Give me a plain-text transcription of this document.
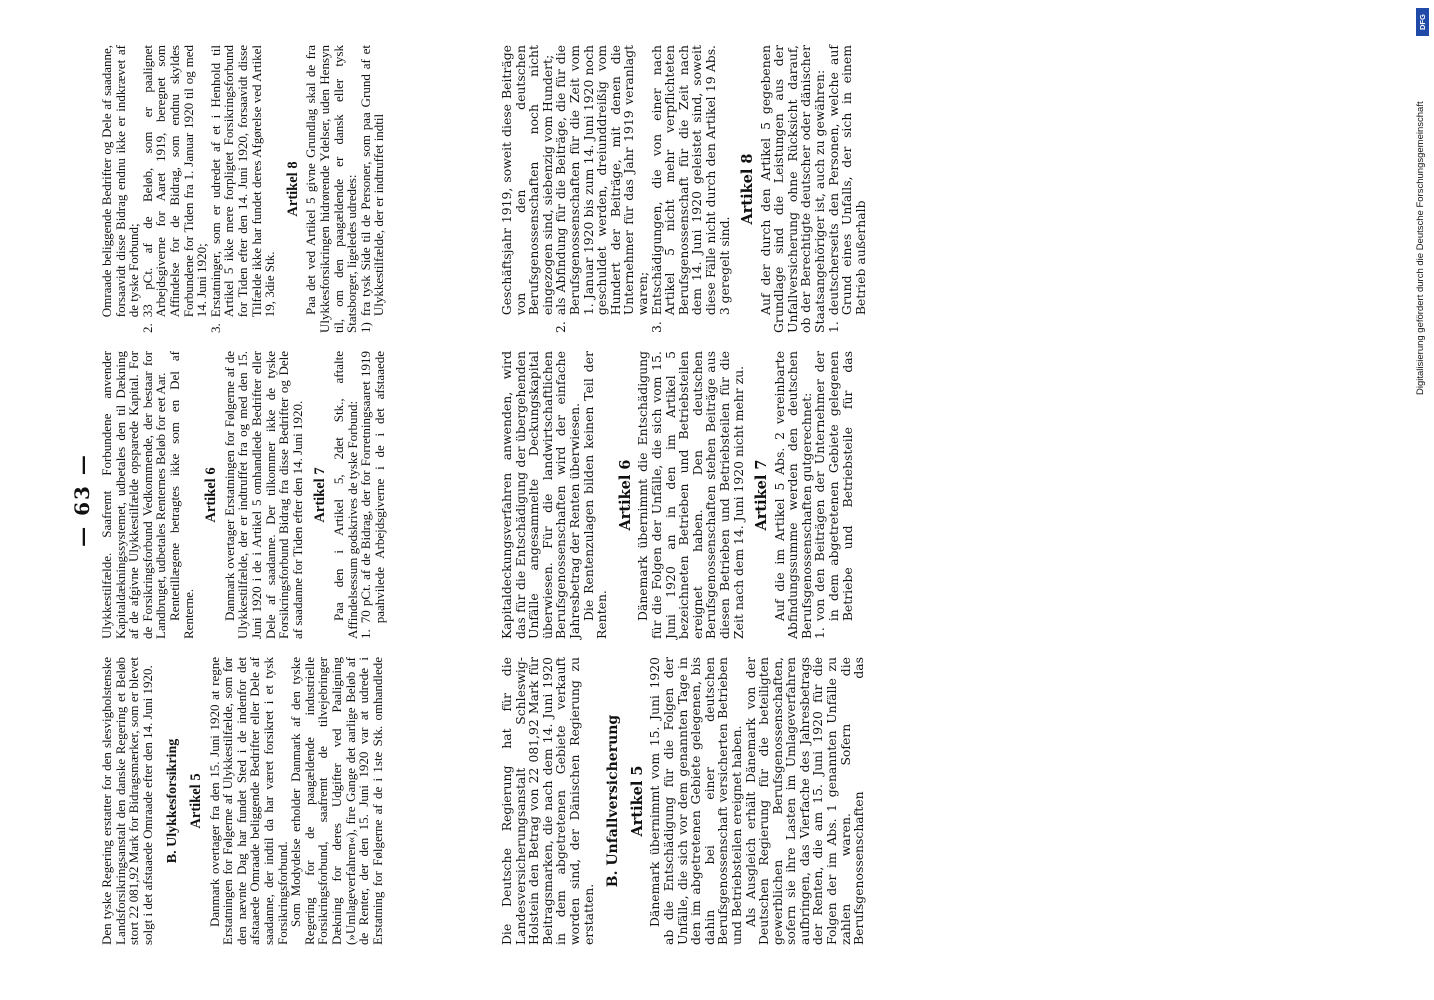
— 63 —

Die Deutsche Regierung hat für die Landesversicherungsanstalt Schleswig-Holstein den Betrag von 22 081,92 Mark für Beitragsmarken, die nach dem 14. Juni 1920 in dem abgetretenen Gebiete verkauft worden sind, der Dänischen Regierung zu erstatten.

B. Unfallversicherung Artikel 5 Dänemark übernimmt vom 15. Juni 1920 ab die Entschädigung für die Folgen der Unfälle, die sich vor dem genannten Tage in den im abgetretenen Gebiete gelegenen, bis dahin bei einer deutschen Berufsgenossenschaft versicherten Betrieben und Betriebsteilen ereignet haben.

Als Ausgleich erhält Dänemark von der Deutschen Regierung für die beteiligten gewerblichen Berufsgenossenschaften, sofern sie ihre Lasten im Umlageverfahren aufbringen, das Vierfache des Jahresbetrags der Renten, die am 15. Juni 1920 für die Folgen der im Abs. 1 genannten Unfälle zu zahlen waren. Sofern die Berufsgenossenschaften das Kapitaldeckungsverfahren anwenden, wird das für die Entschädigung der übergehenden Unfälle angesammelte Deckungskapital überwiesen. Für die landwirtschaftlichen Berufsgenossenschaften wird der einfache Jahresbetrag der Renten überwiesen.

Die Rentenzulagen bilden keinen Teil der Renten.

Artikel 6 Dänemark übernimmt die Entschädigung für die Folgen der Unfälle, die sich vom 15. Juni 1920 an in den im Artikel 5 bezeichneten Betrieben und Betriebsteilen ereignet haben. Den deutschen Berufsgenossenschaften stehen Beiträge aus diesen Betrieben und Betriebsteilen für die Zeit nach dem 14. Juni 1920 nicht mehr zu. Artikel 7 Auf die im Artikel 5 Abs. 2 vereinbarte Abfindungssumme werden den deutschen Berufsgenossenschaften gutgerechnet:

1.
von den Beiträgen der Unternehmer der in dem abgetretenen Gebiete gelegenen Betriebe und Betriebsteile für das Geschäftsjahr 1919, soweit diese Beiträge von den deutschen Berufsgenossenschaften noch nicht eingezogen sind, siebenzig vom Hundert;
2.
als Abfindung für die Beiträge, die für die Berufsgenossenschaften für die Zeit vom 1. Januar 1920 bis zum 14. Juni 1920 noch geschuldet werden, dreiunddreißig vom Hundert der Beiträge, mit denen die Unternehmer für das Jahr 1919 veranlagt waren;
3.
Entschädigungen, die von einer nach Artikel 5 nicht mehr verpflichteten Berufsgenossenschaft für die Zeit nach dem 14. Juni 1920 geleistet sind, soweit diese Fälle nicht durch den Artikel 19 Abs. 3 geregelt sind.
Artikel 8 Auf der durch den Artikel 5 gegebenen Grundlage sind die Leistungen aus der Unfallversicherung ohne Rücksicht darauf, ob der Berechtigte deutscher oder dänischer Staatsangehöriger ist, auch zu gewähren:

1.
deutscherseits den Personen, welche auf Grund eines Unfalls, der sich in einem Betrieb außerhalb

Den tyske Regering erstatter for den slesvigholstenske Landsforsikringsanstalt den danske Regering et Beløb stort 22 081,92 Mark for Bidragsmærker, som er blevet solgt i det afstaaede Omraade efter den 14. Juni 1920. B. Ulykkesforsikring Artikel 5 Danmark overtager fra den 15. Juni 1920 at regne Erstatningen for Følgerne af Ulykkestilfælde, som før den nævnte Dag har fundet Sted i de indenfor det afstaaede Omraade beliggende Bedrifter eller Dele af saadanne, der indtil da har været forsikret i et tysk Forsikringsforbund.

Som Modydelse erholder Danmark af den tyske Regering for de paagældende industrielle Forsikringsforbund, saafremt de tilvejebringer Dækning for deres Udgifter ved Paaligning (»Umlageverfahren«), fire Gange det aarlige Beløb af de Renter, der den 15. Juni 1920 var at udrede i Erstatning for Følgerne af de i 1ste Stk. omhandlede Ulykkestilfælde. Saafremt Forbundene anvender Kapitaldækningssystemet, udbetales den til Dækning af de afgivne Ulykkestilfælde opsparede Kapital. For de Forsikringsforbund Vedkommende, der bestaar for Landbruget, udbetales Renternes Beløb for eet Aar.

Rentetillægene betragtes ikke som en Del af Renterne.

Artikel 6 Danmark overtager Erstatningen for Følgerne af de Ulykkestilfælde, der er indtruffet fra og med den 15. Juni 1920 i de i Artikel 5 omhandlede Bedrifter eller Dele af saadanne. Der tilkommer ikke de tyske Forsikringsforbund Bidrag fra disse Bedrifter og Dele af saadanne for Tiden efter den 14. Juni 1920. Artikel 7 Paa den i Artikel 5, 2det Stk., aftalte Affindelsessum godskrives de tyske Forbund:

1.
70 pCt. af de Bidrag, der for Forretningsaaret 1919 paahvilede Arbejdsgiverne i de i det afstaaede Omraade beliggende Bedrifter og Dele af saadanne, forsaavidt disse Bidrag endnu ikke er indkrævet af de tyske Forbund;
2.
33 pCt. af de Beløb, som er paalignet Arbejdsgiverne for Aaret 1919, beregnet som Affindelse for de Bidrag, som endnu skyldes Forbundene for Tiden fra 1. Januar 1920 til og med 14. Juni 1920;
3.
Erstatninger, som er udredet af et i Henhold til Artikel 5 ikke mere forpligtet Forsikringsforbund for Tiden efter den 14. Juni 1920, forsaavidt disse Tilfælde ikke har fundet deres Afgørelse ved Artikel 19, 3die Stk.
Artikel 8 Paa det ved Artikel 5 givne Grundlag skal de fra Ulykkesforsikringen hidrørende Ydelser, uden Hensyn til, om den paagældende er dansk eller tysk Statsborger, ligeledes udredes:

1)
fra tysk Side til de Personer, som paa Grund af et Ulykkestilfælde, der er indtruffet indtil	Digitalisierung gefördert durch die Deutsche Forschungsgemeinschaft
DFG
